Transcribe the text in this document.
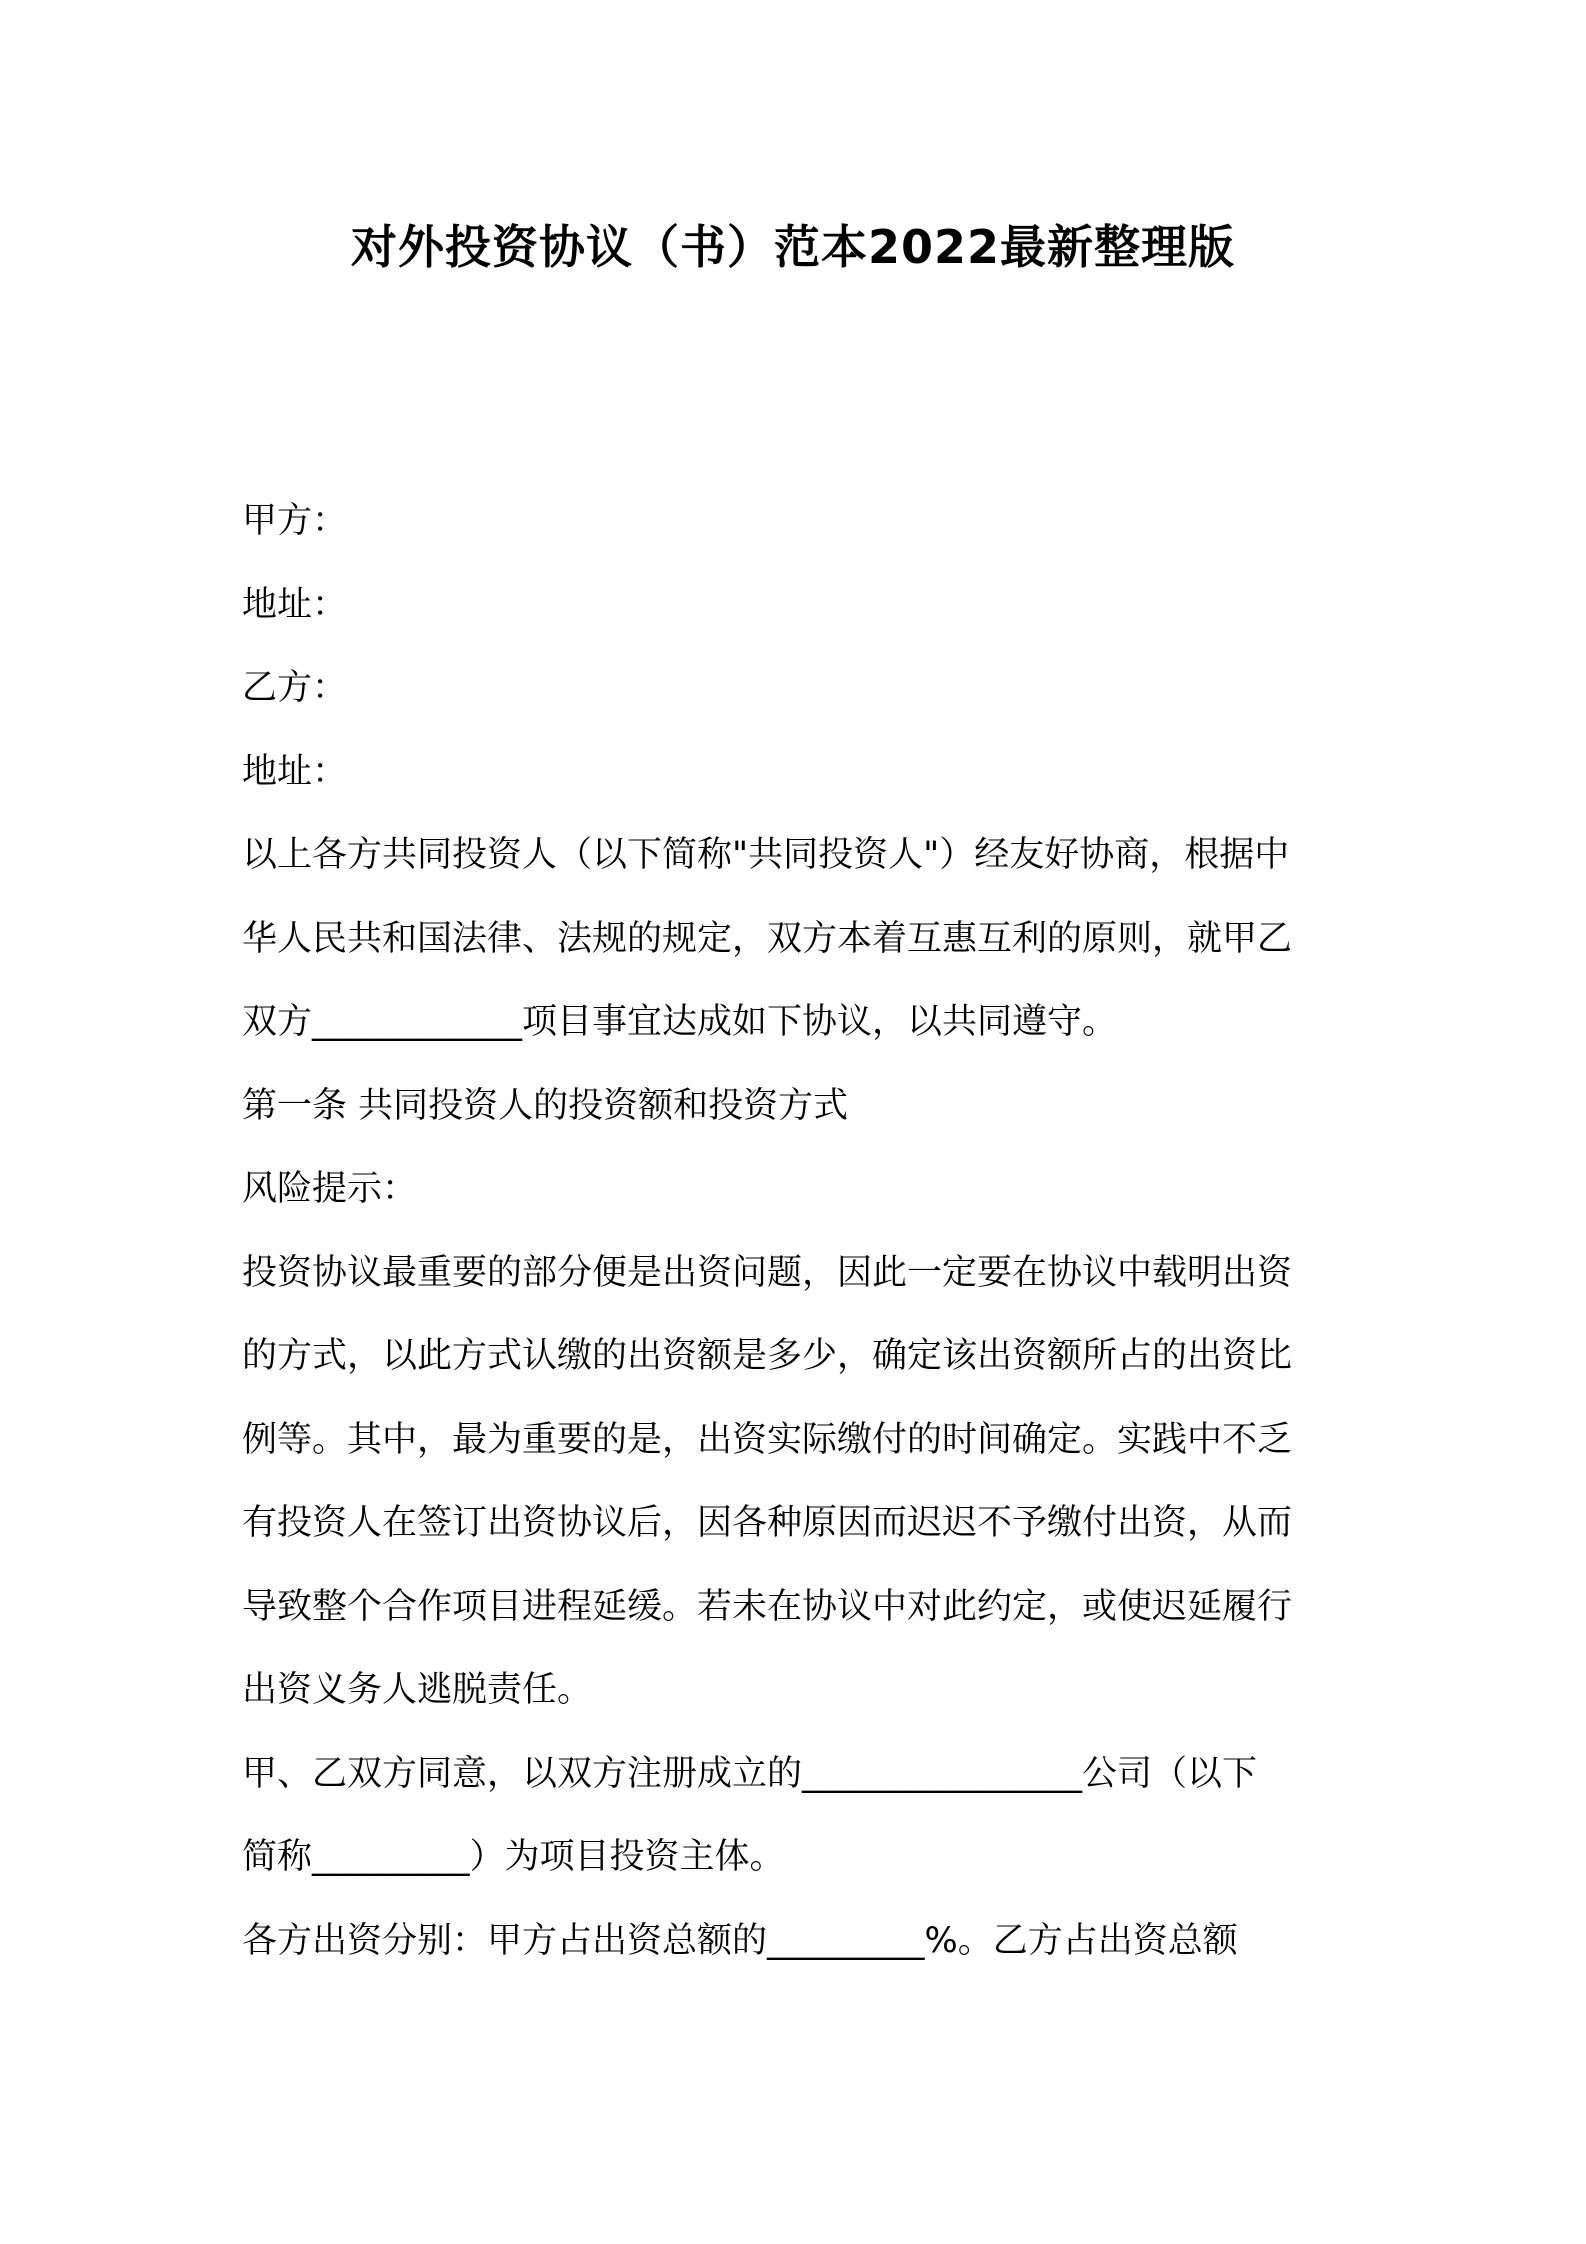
对外投资协议（书）范本2022最新整理版
甲方：
地址：
乙方：
地址：
以上各方共同投资人（以下简称"共同投资人"）经友好协商，根据中
华人民共和国法律、法规的规定，双方本着互惠互利的原则，就甲乙
双方____________项目事宜达成如下协议，以共同遵守。
第一条 共同投资人的投资额和投资方式
风险提示：
投资协议最重要的部分便是出资问题，因此一定要在协议中载明出资
的方式，以此方式认缴的出资额是多少，确定该出资额所占的出资比
例等。其中，最为重要的是，出资实际缴付的时间确定。实践中不乏
有投资人在签订出资协议后，因各种原因而迟迟不予缴付出资，从而
导致整个合作项目进程延缓。若未在协议中对此约定，或使迟延履行
出资义务人逃脱责任。
甲、乙双方同意，以双方注册成立的________________公司（以下
简称_________）为项目投资主体。
各方出资分别：甲方占出资总额的_________%。乙方占出资总额
